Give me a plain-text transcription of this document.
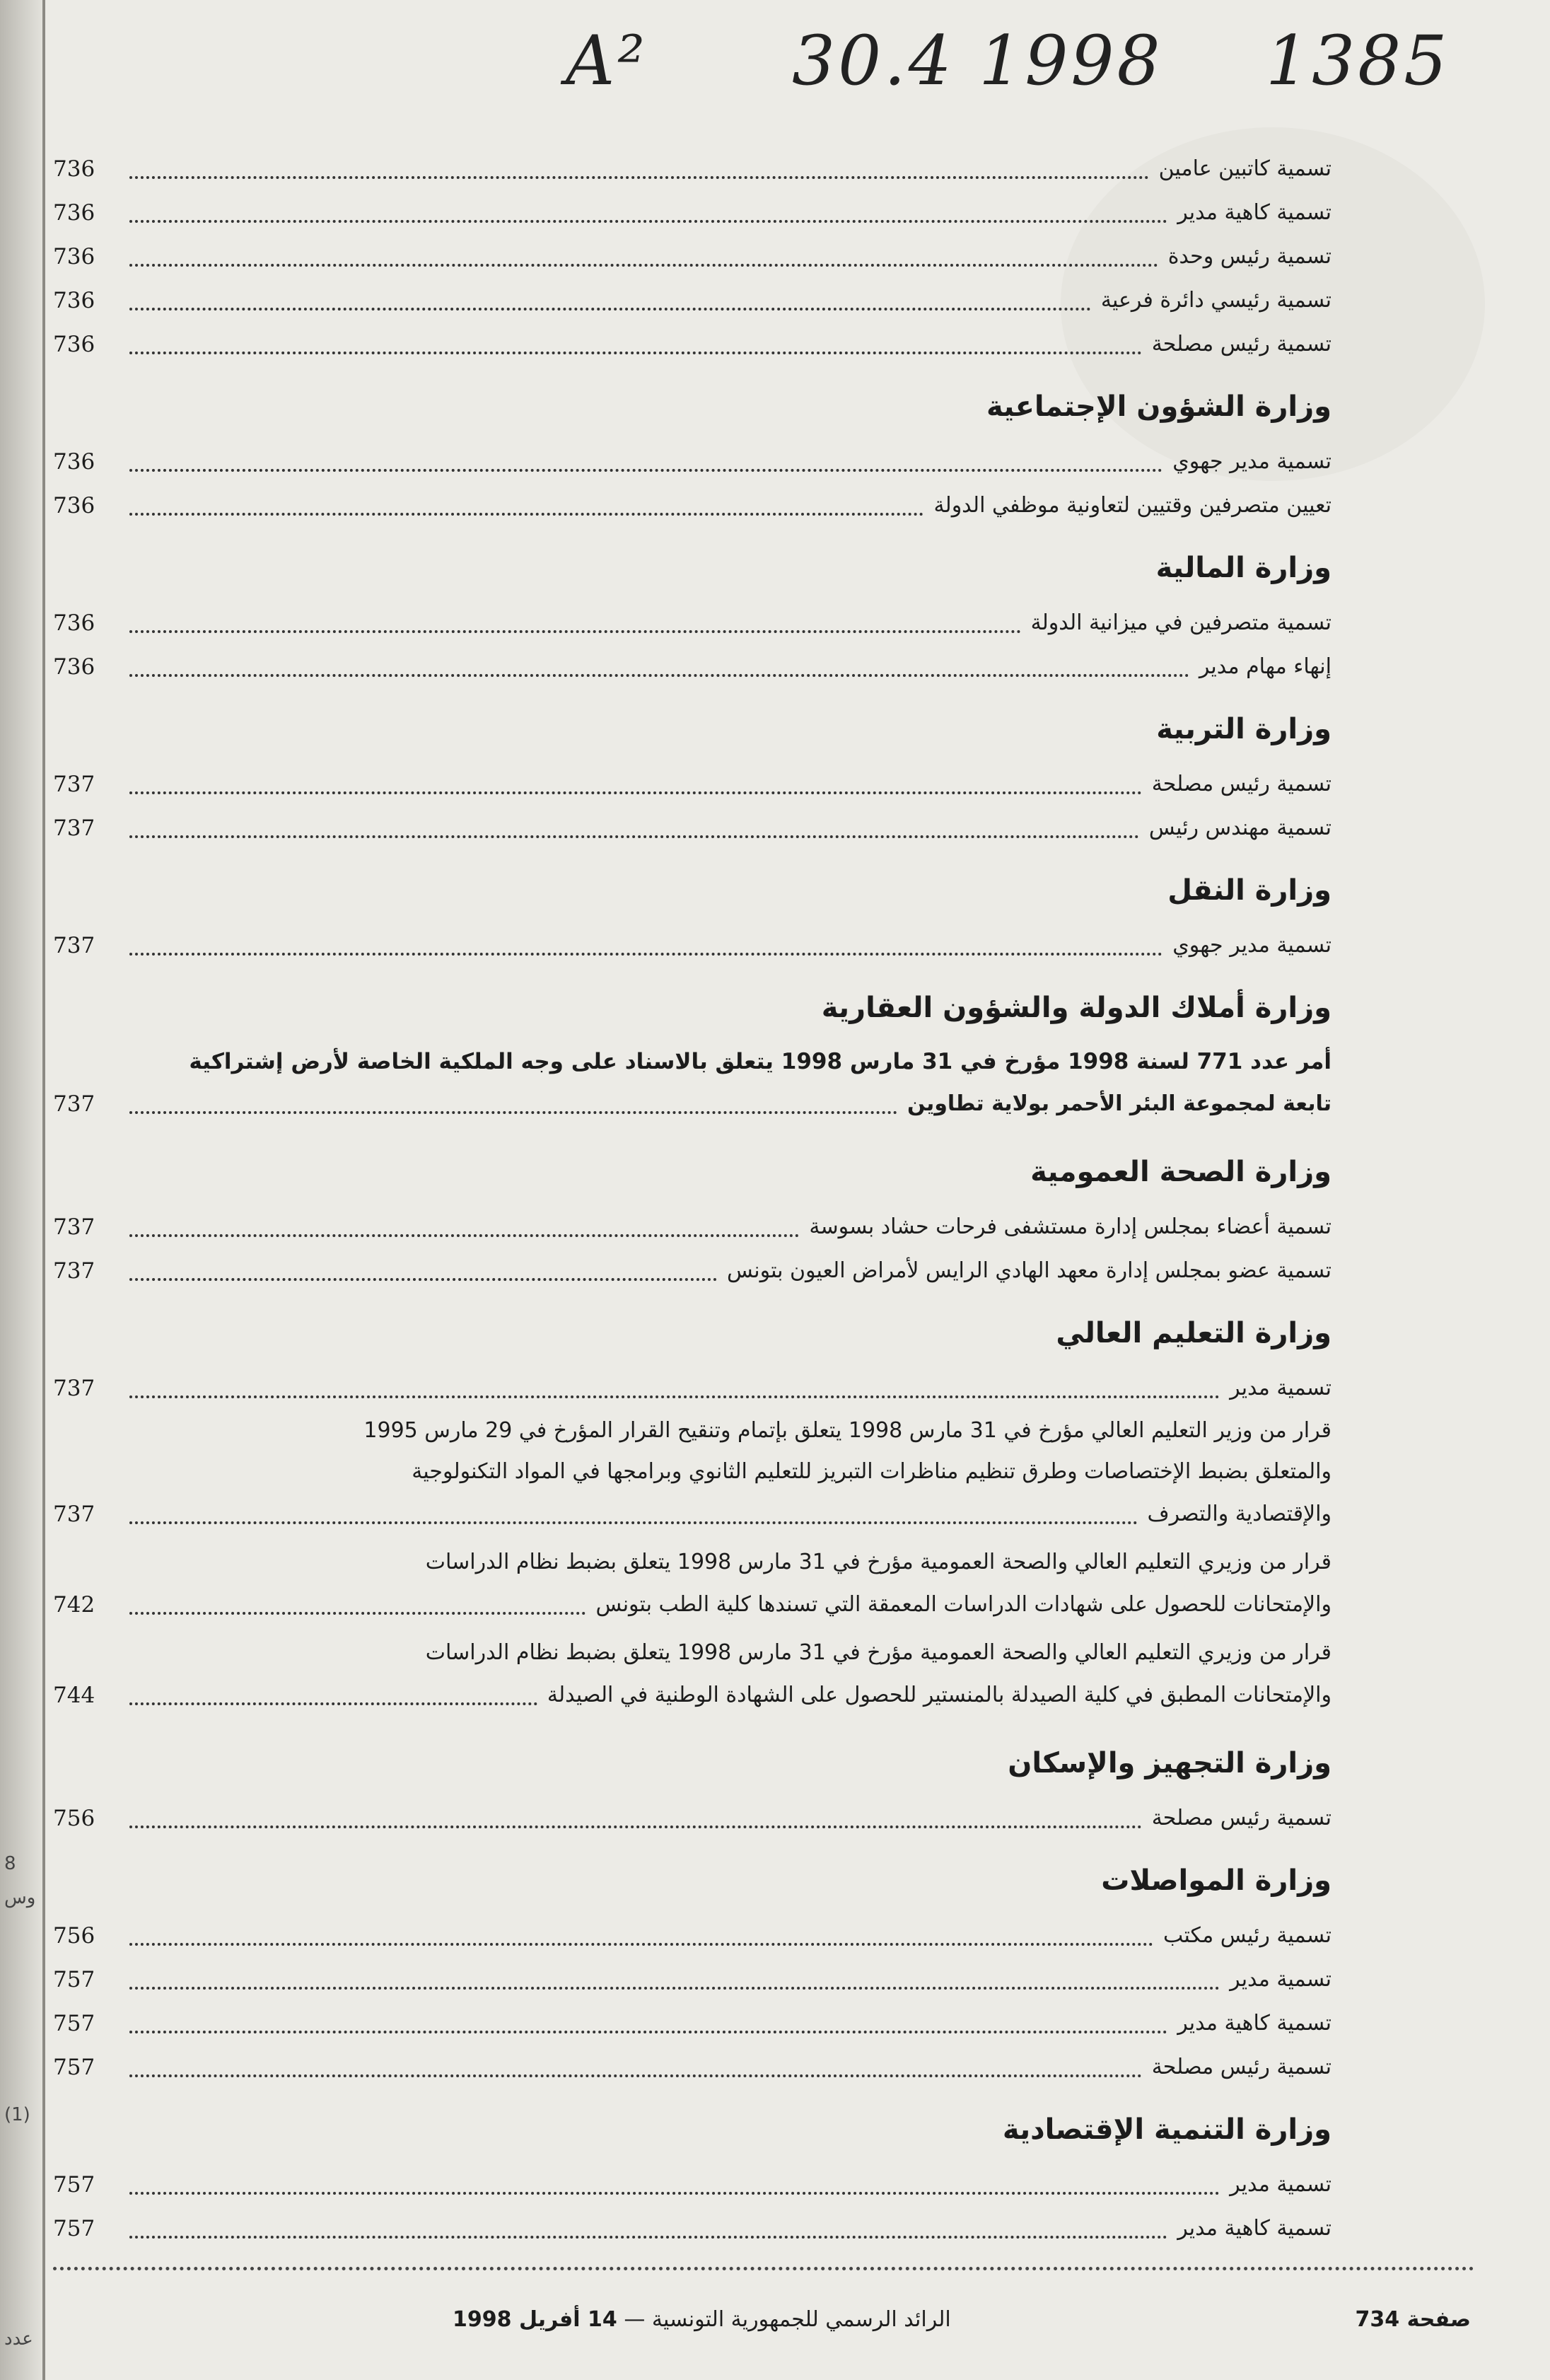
A² 30.4 1998 1385
8
وس
(1)
عدد
736	تسمية كاتبين عامين
736	تسمية كاهية مدير
736	تسمية رئيس وحدة
736	تسمية رئيسي دائرة فرعية
736	تسمية رئيس مصلحة
وزارة الشؤون الإجتماعية
736	تسمية مدير جهوي
736	تعيين متصرفين وقتيين لتعاونية موظفي الدولة
وزارة المالية
736	تسمية متصرفين في ميزانية الدولة
736	إنهاء مهام مدير
وزارة التربية
737	تسمية رئيس مصلحة
737	تسمية مهندس رئيس
وزارة النقل
737	تسمية مدير جهوي
وزارة أملاك الدولة والشؤون العقارية
أمر عدد 771 لسنة 1998 مؤرخ في 31 مارس 1998 يتعلق بالاسناد على وجه الملكية الخاصة لأرض إشتراكية
737	تابعة لمجموعة البئر الأحمر بولاية تطاوين
وزارة الصحة العمومية
737	تسمية أعضاء بمجلس إدارة مستشفى فرحات حشاد بسوسة
737	تسمية عضو بمجلس إدارة معهد الهادي الرايس لأمراض العيون بتونس
وزارة التعليم العالي
737	تسمية مدير
قرار من وزير التعليم العالي مؤرخ في 31 مارس 1998 يتعلق بإتمام وتنقيح القرار المؤرخ في 29 مارس 1995
والمتعلق بضبط الإختصاصات وطرق تنظيم مناظرات التبريز للتعليم الثانوي وبرامجها في المواد التكنولوجية
737	والإقتصادية والتصرف
قرار من وزيري التعليم العالي والصحة العمومية مؤرخ في 31 مارس 1998 يتعلق بضبط نظام الدراسات
742	والإمتحانات للحصول على شهادات الدراسات المعمقة التي تسندها كلية الطب بتونس
قرار من وزيري التعليم العالي والصحة العمومية مؤرخ في 31 مارس 1998 يتعلق بضبط نظام الدراسات
744	والإمتحانات المطبق في كلية الصيدلة بالمنستير للحصول على الشهادة الوطنية في الصيدلة
وزارة التجهيز والإسكان
756	تسمية رئيس مصلحة
وزارة المواصلات
756	تسمية رئيس مكتب
757	تسمية مدير
757	تسمية كاهية مدير
757	تسمية رئيس مصلحة
وزارة التنمية الإقتصادية
757	تسمية مدير
757	تسمية كاهية مدير
صفحة 734
الرائد الرسمي للجمهورية التونسية — 14 أفريل 1998
